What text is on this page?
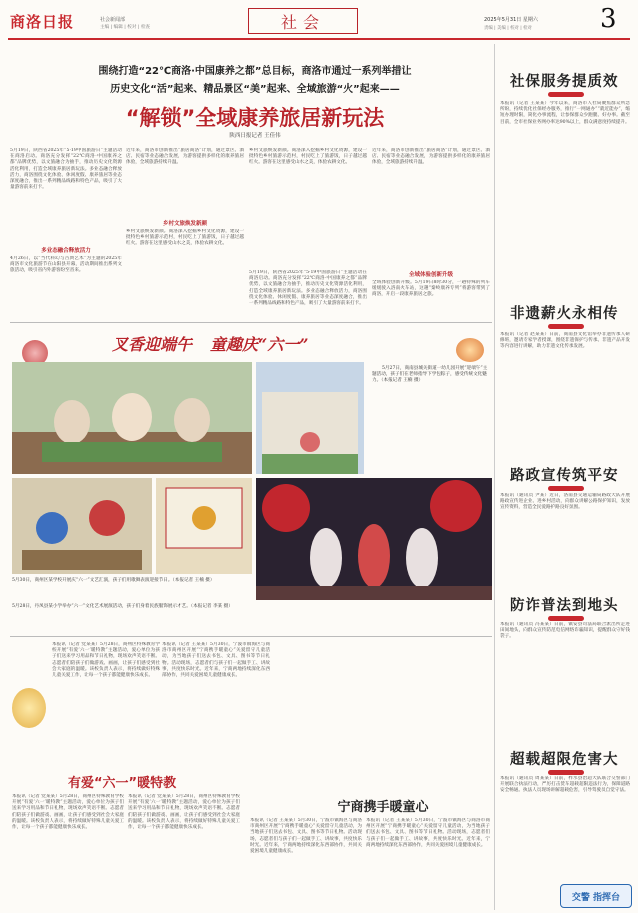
商洛日报	社会新闻部
主编 | 编辑 | 校对 | 检查	社会	2025年5月31日 星期六
责编 | 美编 | 校对 | 检对	3
围绕打造“22℃商洛·中国康养之都”总目标，商洛市通过一系列举措让
历史文化“活”起来、精品景区“美”起来、全域旅游“火”起来——
“解锁”全域康养旅居新玩法
陕西日报记者 王佳伟
5月19日，陕西省2025年“5·19中国旅游日”主题活动在商洛启动。商洛充分发挥“22℃商洛·中国康养之都”品牌优势，以文旅融合为抽手，推动历史文化资源活化利用，打造全域康养旅居新玩法。多业态融合释放活力，商洛围绕文化体验、休闲度假、康养旅居等业态深度融合，推出一系列精品线路和特色产品，吸引了大量游客前来打卡。
多业态融合释放活力
4月26日，以“当代科幻与古典艺术”为主题的2025年商洛市文化旅游节在山阳县开幕，活动期间推出系列文旅活动，吸引省内外游客纷至沓来。
近年来，商洛市创新推出“旅居商洛”计划，通过景区、酒店、民宿等业态融合发展，为游客提供多样化的康养旅居体验，全域旅游持续升温。
乡村文旅焕发新颜
乡村文旅焕发新颜。商洛深入挖掘乡村文化资源，建设一批特色乡村旅游示范村，村民吃上了旅游饭，日子越过越红火。游客在这里感受山水之美，体验农耕文化。
乡村文旅焕发新颜。商洛深入挖掘乡村文化资源，建设一批特色乡村旅游示范村，村民吃上了旅游饭，日子越过越红火。游客在这里感受山水之美，体验农耕文化。
5月19日，陕西省2025年“5·19中国旅游日”主题活动在商洛启动。商洛充分发挥“22℃商洛·中国康养之都”品牌优势，以文旅融合为抽手，推动历史文化资源活化利用，打造全域康养旅居新玩法。多业态融合释放活力，商洛围绕文化体验、休闲度假、康养旅居等业态深度融合，推出一系列精品线路和特色产品，吸引了大量游客前来打卡。
近年来，商洛市创新推出“旅居商洛”计划，通过景区、酒店、民宿等业态融合发展，为游客提供多样化的康养旅居体验，全域旅游持续升温。
全域体验创新升级
全域体验创新升级。5月19日8时30分，一趟特殊的列车缓缓驶入洛南火车站，这趟“秦岭康养专列”将游客带到了商洛，开启一段康养旅居之旅。
叉香迎端午 童趣庆“六一”
5月27日，商南县城关街道一幼儿园开展“迎端午”主题活动，孩子们在老师指导下学包粽子，感受传统文化魅力。（本报记者 王楠 摄）
5月30日，商州区某学校开展庆“六一”文艺汇演，孩子们用歌舞表演迎接节日。（本报记者 王楠 摄）
5月28日，丹凤县某小学举办“六一”文化艺术展演活动，孩子们身着民族服饰展示才艺。（本报记者 李某 摄）
本报讯（记者 党某某）5月28日，商州区特殊教育学校开展“有爱‘六一’暖特教”主题活动，爱心单位为孩子们送来学习用品和节日礼物，现场欢声笑语不断。志愿者们陪孩子们做游戏、画画，让孩子们感受到社会大家庭的温暖。该校负责人表示，将持续做好特殊儿童关爱工作，让每一个孩子都能健康快乐成长。
本报讯（记者 王某某）5月30日，宁波市镇海区与商洛市商州区开展“宁商携手暖童心”关爱留守儿童活动，为当地孩子们送去书包、文具、图书等节日礼物。活动现场，志愿者们与孩子们一起做手工、讲故事，共度快乐时光。近年来，宁商两地持续深化东西部协作，共同关爱困境儿童健康成长。
有爱“六一”暖特教
本报讯（记者 党某某）5月28日，商州区特殊教育学校开展“有爱‘六一’暖特教”主题活动，爱心单位为孩子们送来学习用品和节日礼物，现场欢声笑语不断。志愿者们陪孩子们做游戏、画画，让孩子们感受到社会大家庭的温暖。该校负责人表示，将持续做好特殊儿童关爱工作，让每一个孩子都能健康快乐成长。
本报讯（记者 党某某）5月28日，商州区特殊教育学校开展“有爱‘六一’暖特教”主题活动，爱心单位为孩子们送来学习用品和节日礼物，现场欢声笑语不断。志愿者们陪孩子们做游戏、画画，让孩子们感受到社会大家庭的温暖。该校负责人表示，将持续做好特殊儿童关爱工作，让每一个孩子都能健康快乐成长。
宁商携手暖童心
本报讯（记者 王某某）5月30日，宁波市镇海区与商洛市商州区开展“宁商携手暖童心”关爱留守儿童活动，为当地孩子们送去书包、文具、图书等节日礼物。活动现场，志愿者们与孩子们一起做手工、讲故事，共度快乐时光。近年来，宁商两地持续深化东西部协作，共同关爱困境儿童健康成长。
本报讯（记者 王某某）5月30日，宁波市镇海区与商洛市商州区开展“宁商携手暖童心”关爱留守儿童活动，为当地孩子们送去书包、文具、图书等节日礼物。活动现场，志愿者们与孩子们一起做手工、讲故事，共度快乐时光。近年来，宁商两地持续深化东西部协作，共同关爱困境儿童健康成长。
社保服务提质效
本报讯（记者 王某某）今年以来，商洛市人社局聚焦群众所急所盼，持续优化社保经办服务，推行“一网通办”“就近能办”，缩短办理时限，简化办事流程，让参保群众少跑腿、好办事。截至目前，全市社保业务网办率达90%以上，群众满意度持续提升。
非遗薪火永相传
本报讯（记者 赵某某）日前，商南县文化馆举办非遗传承人研修班，邀请专家学者授课，围绕非遗保护与传承、非遗产品开发等内容进行讲解，助力非遗文化传承发展。
路政宣传筑平安
本报讯（通讯员 尹某）近日，洛南县交通运输局路政大队开展路政宣传进企业、进乡村活动，向群众讲解公路保护知识，发放宣传资料，营造全民爱路护路良好氛围。
防诈普法到地头
本报讯（通讯员 冯某某）日前，镇安县司法局联合派出所走进田间地头，向群众宣传防范电信网络诈骗知识，提醒群众守好钱袋子。
超载超限危害大
本报讯（通讯员 周某某）日前，柞水县治超大队联合交警部门开展联合执法行动，严厉打击货车超载超限违法行为，保障道路安全畅通。执法人员现场讲解超载危害，引导驾驶员自觉守法。
交警 指挥台
